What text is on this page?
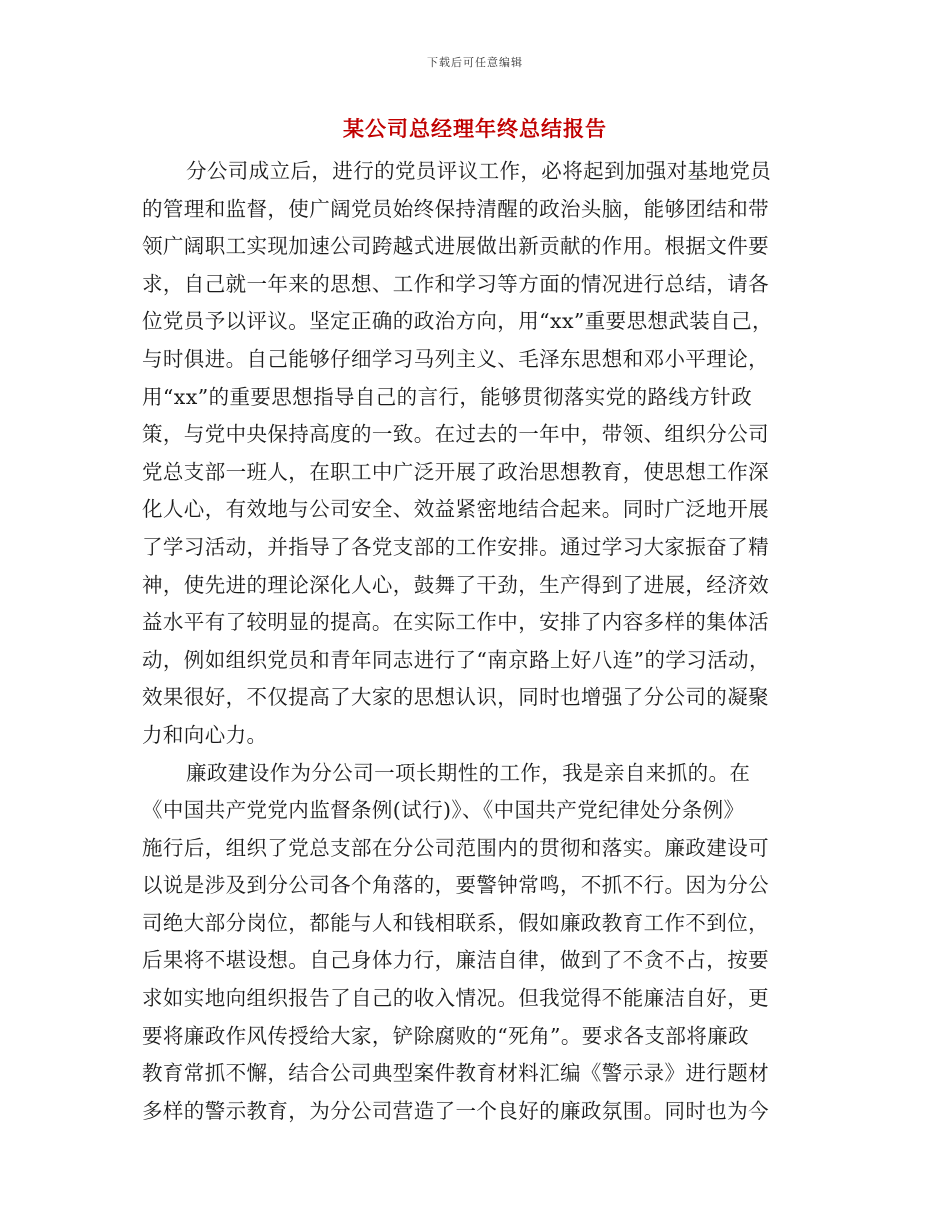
下载后可任意编辑
某公司总经理年终总结报告
分公司成立后，进行的党员评议工作，必将起到加强对基地党员
的管理和监督，使广阔党员始终保持清醒的政治头脑，能够团结和带
领广阔职工实现加速公司跨越式进展做出新贡献的作用。根据文件要
求，自己就一年来的思想、工作和学习等方面的情况进行总结，请各
位党员予以评议。坚定正确的政治方向，用“xx”重要思想武装自己，
与时俱进。自己能够仔细学习马列主义、毛泽东思想和邓小平理论，
用“xx”的重要思想指导自己的言行，能够贯彻落实党的路线方针政
策，与党中央保持高度的一致。在过去的一年中，带领、组织分公司
党总支部一班人，在职工中广泛开展了政治思想教育，使思想工作深
化人心，有效地与公司安全、效益紧密地结合起来。同时广泛地开展
了学习活动，并指导了各党支部的工作安排。通过学习大家振奋了精
神，使先进的理论深化人心，鼓舞了干劲，生产得到了进展，经济效
益水平有了较明显的提高。在实际工作中，安排了内容多样的集体活
动，例如组织党员和青年同志进行了“南京路上好八连”的学习活动，
效果很好，不仅提高了大家的思想认识，同时也增强了分公司的凝聚
力和向心力。
廉政建设作为分公司一项长期性的工作，我是亲自来抓的。在
《中国共产党党内监督条例(试行)》、《中国共产党纪律处分条例》
施行后，组织了党总支部在分公司范围内的贯彻和落实。廉政建设可
以说是涉及到分公司各个角落的，要警钟常鸣，不抓不行。因为分公
司绝大部分岗位，都能与人和钱相联系，假如廉政教育工作不到位，
后果将不堪设想。自己身体力行，廉洁自律，做到了不贪不占，按要
求如实地向组织报告了自己的收入情况。但我觉得不能廉洁自好，更
要将廉政作风传授给大家，铲除腐败的“死角”。要求各支部将廉政
教育常抓不懈，结合公司典型案件教育材料汇编《警示录》进行题材
多样的警示教育，为分公司营造了一个良好的廉政氛围。同时也为今
